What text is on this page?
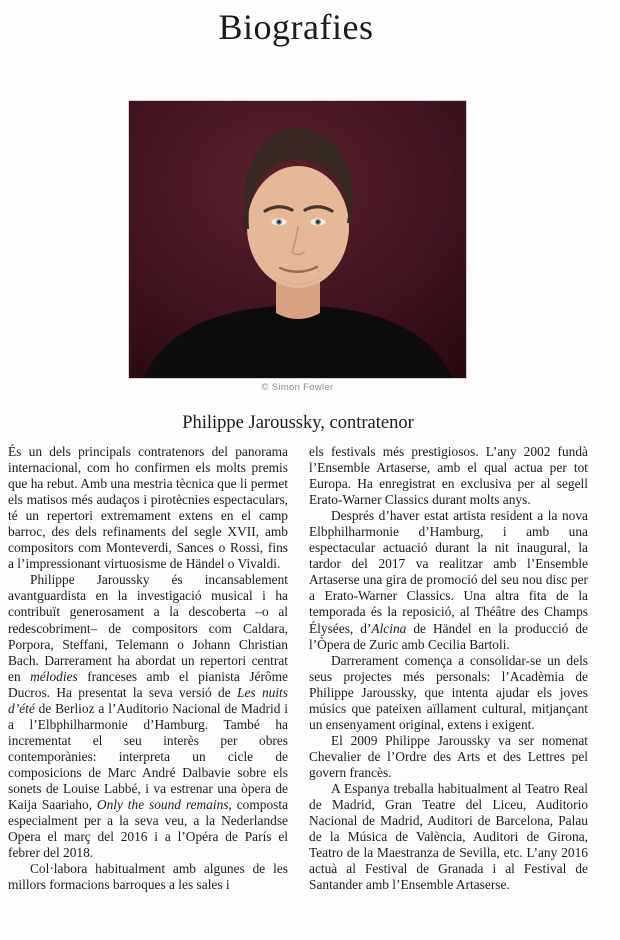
Biografies
© Simon Fowler
Philippe Jaroussky, contratenor

És un dels principals contratenors del panorama internacional, com ho confirmen els molts premis que ha rebut. Amb una mestria tècnica que li permet els matisos més audaços i pirotècnies espectaculars, té un repertori extremament extens en el camp barroc, des dels refinaments del segle XVII, amb compositors com Monteverdi, Sances o Rossi, fins a l’impressionant virtuosisme de Händel o Vivaldi.

Philippe Jaroussky és incansablement avantguardista en la investigació musical i ha contribuït generosament a la descoberta –o al redescobriment– de compositors com Caldara, Porpora, Steffani, Telemann o Johann Christian Bach. Darrerament ha abordat un repertori centrat en mélodies franceses amb el pianista Jérôme Ducros. Ha presentat la seva versió de Les nuits d’été de Berlioz a l’Auditorio Nacional de Madrid i a l’Elbphilharmonie d’Hamburg. També ha incrementat el seu interès per obres contemporànies: interpreta un cicle de composicions de Marc André Dalbavie sobre els sonets de Louise Labbé, i va estrenar una òpera de Kaija Saariaho, Only the sound remains, composta especialment per a la seva veu, a la Nederlandse Opera el març del 2016 i a l’Opéra de París el febrer del 2018.

Col·labora habitualment amb algunes de les millors formacions barroques a les sales i

els festivals més prestigiosos. L’any 2002 fundà l’Ensemble Artaserse, amb el qual actua per tot Europa. Ha enregistrat en exclusiva per al segell Erato-Warner Classics durant molts anys.

Després d’haver estat artista resident a la nova Elbphilharmonie d’Hamburg, i amb una espectacular actuació durant la nit inaugural, la tardor del 2017 va realitzar amb l’Ensemble Artaserse una gira de promoció del seu nou disc per a Erato-Warner Classics. Una altra fita de la temporada és la reposició, al Théâtre des Champs Élysées, d’Alcina de Händel en la producció de l’Òpera de Zuric amb Cecilia Bartoli.

Darrerament comença a consolidar-se un dels seus projectes més personals: l’Acadèmia de Philippe Jaroussky, que intenta ajudar els joves músics que pateixen aïllament cultural, mitjançant un ensenyament original, extens i exigent.

El 2009 Philippe Jaroussky va ser nomenat Chevalier de l’Ordre des Arts et des Lettres pel govern francès.

A Espanya treballa habitualment al Teatro Real de Madrid, Gran Teatre del Liceu, Auditorio Nacional de Madrid, Auditori de Barcelona, Palau de la Música de València, Auditori de Girona, Teatro de la Maestranza de Sevilla, etc. L’any 2016 actuà al Festival de Granada i al Festival de Santander amb l’Ensemble Artaserse.
